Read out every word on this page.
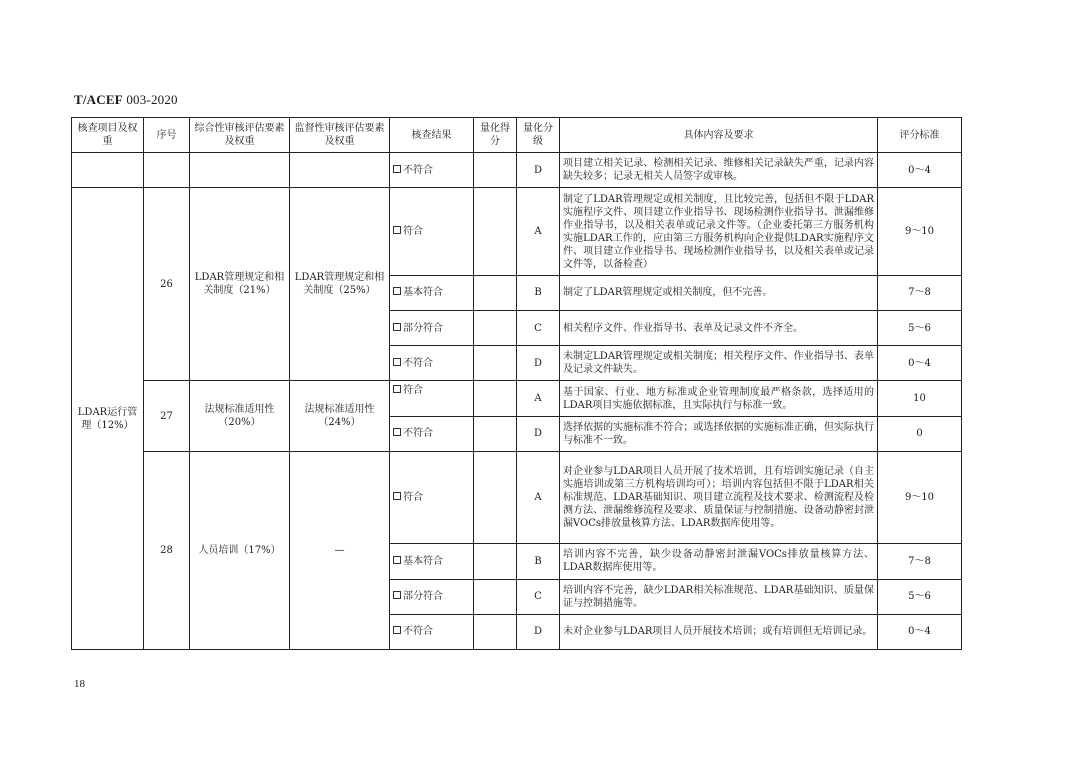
T/ACEF 003-2020
核查项目及权重	序号	综合性审核评估要素及权重	监督性审核评估要素及权重	核查结果	量化得分	量化分级	具体内容及要求	评分标准
				不符合		D	项目建立相关记录、检测相关记录、维修相关记录缺失严重，记录内容缺失较多；记录无相关人员签字或审核。	0～4
LDAR运行管理（12%）	26	LDAR管理规定和相关制度（21%）	LDAR管理规定和相关制度（25%）	符合		A	制定了LDAR管理规定或相关制度，且比较完善，包括但不限于LDAR实施程序文件、项目建立作业指导书、现场检测作业指导书、泄漏维修作业指导书，以及相关表单或记录文件等。（企业委托第三方服务机构实施LDAR工作的，应由第三方服务机构向企业提供LDAR实施程序文件、项目建立作业指导书、现场检测作业指导书，以及相关表单或记录文件等，以备检查）	9～10
				基本符合		B	制定了LDAR管理规定或相关制度，但不完善。	7～8
				部分符合		C	相关程序文件、作业指导书、表单及记录文件不齐全。	5～6
				不符合		D	未制定LDAR管理规定或相关制度；相关程序文件、作业指导书、表单及记录文件缺失。	0～4
	27	法规标准适用性（20%）	法规标准适用性（24%）	符合		A	基于国家、行业、地方标准或企业管理制度最严格条款，选择适用的LDAR项目实施依据标准，且实际执行与标准一致。	10
				不符合		D	选择依据的实施标准不符合；或选择依据的实施标准正确，但实际执行与标准不一致。	0
	28	人员培训（17%）	—	符合		A	对企业参与LDAR项目人员开展了技术培训，且有培训实施记录（自主实施培训或第三方机构培训均可）；培训内容包括但不限于LDAR相关标准规范、LDAR基础知识、项目建立流程及技术要求、检测流程及检测方法、泄漏维修流程及要求、质量保证与控制措施、设备动静密封泄漏VOCs排放量核算方法、LDAR数据库使用等。	9～10
				基本符合		B	培训内容不完善，缺少设备动静密封泄漏VOCs排放量核算方法、LDAR数据库使用等。	7～8
				部分符合		C	培训内容不完善，缺少LDAR相关标准规范、LDAR基础知识、质量保证与控制措施等。	5～6
				不符合		D	未对企业参与LDAR项目人员开展技术培训；或有培训但无培训记录。	0～4
18
